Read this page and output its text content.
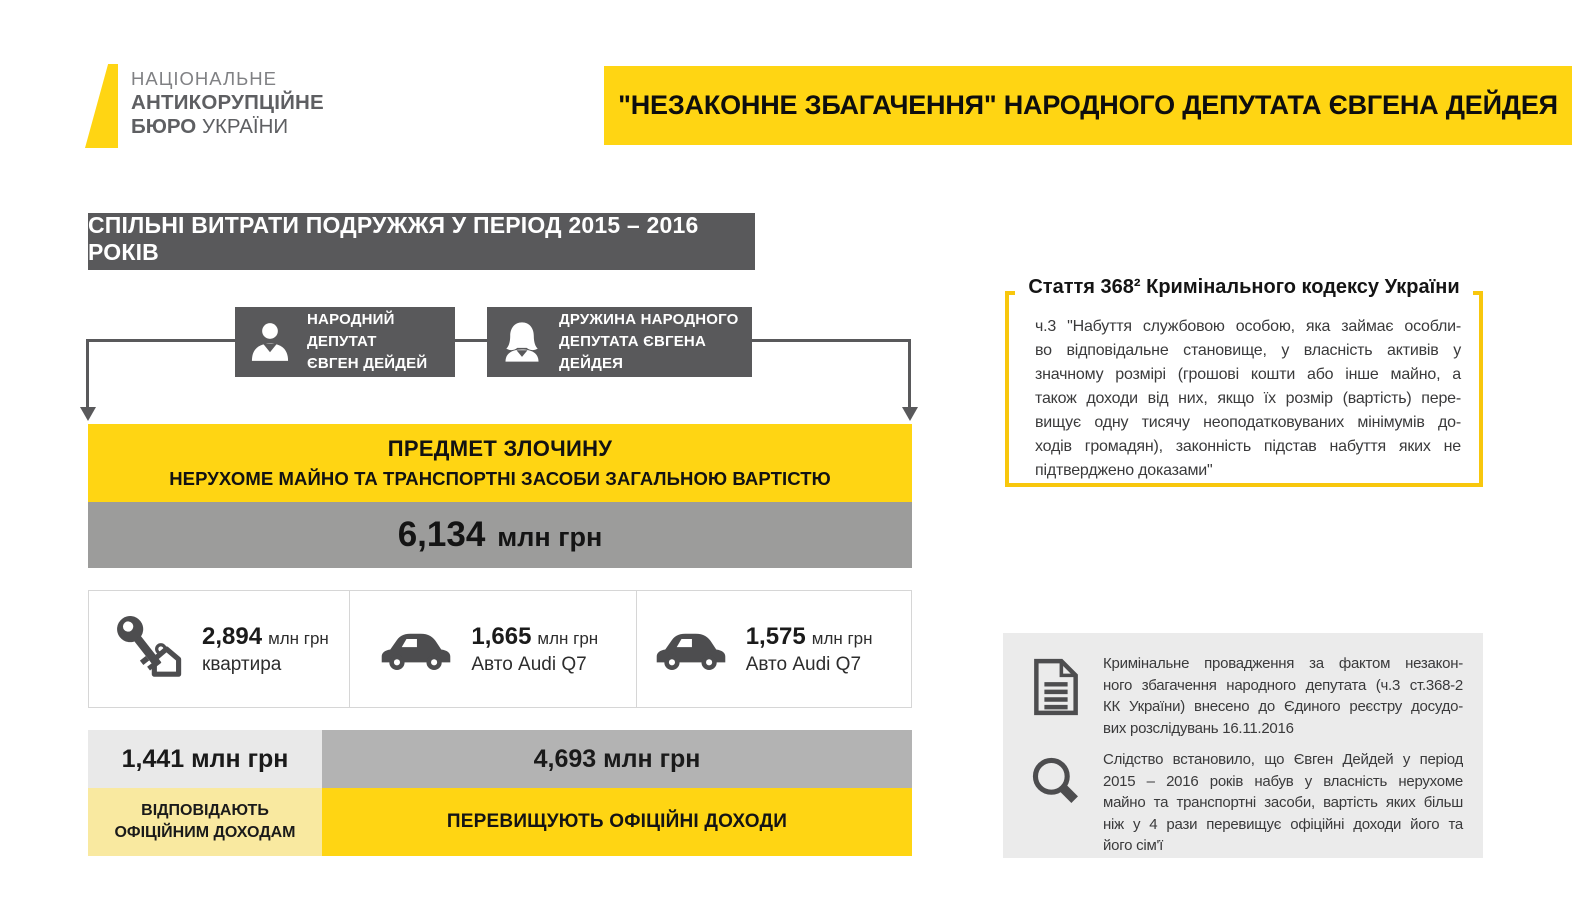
НАЦІОНАЛЬНЕ
АНТИКОРУПЦІЙНЕ
БЮРО УКРАЇНИ
"НЕЗАКОННЕ ЗБАГАЧЕННЯ" НАРОДНОГО ДЕПУТАТА ЄВГЕНА ДЕЙДЕЯ
СПІЛЬНІ ВИТРАТИ ПОДРУЖЖЯ У ПЕРІОД 2015 – 2016 РОКІВ
НАРОДНИЙ ДЕПУТАТ
ЄВГЕН ДЕЙДЕЙ
ДРУЖИНА НАРОДНОГО
ДЕПУТАТА ЄВГЕНА ДЕЙДЕЯ
ПРЕДМЕТ ЗЛОЧИНУ
НЕРУХОМЕ МАЙНО ТА ТРАНСПОРТНІ ЗАСОБИ ЗАГАЛЬНОЮ ВАРТІСТЮ
6,134 млн грн
2,894 млн грн
квартира
1,665 млн грн
Авто Audi Q7
1,575 млн грн
Авто Audi Q7
1,441 млн грн	4,693 млн грн
ВІДПОВІДАЮТЬ
ОФІЦІЙНИМ ДОХОДАМ
ПЕРЕВИЩУЮТЬ ОФІЦІЙНІ ДОХОДИ
ч.3 "Набуття службовою особою, яка займає особли-
во відповідальне становище, у власність активів у
значному розмірі (грошові кошти або інше майно, а
також доходи від них, якщо їх розмір (вартість) пере-
вищує одну тисячу неоподатковуваних мінімумів до-
ходів громадян), законність підстав набуття яких не
підтверджено доказами"
Стаття 368² Кримінального кодексу України
Кримінальне провадження за фактом незакон-
ного збагачення народного депутата (ч.3 ст.368-2
КК України) внесено до Єдиного реєстру досудо-
вих розслідувань 16.11.2016
Слідство встановило, що Євген Дейдей у період
2015 – 2016 років набув у власність нерухоме
майно та транспортні засоби, вартість яких більш
ніж у 4 рази перевищує офіційні доходи його та
його сім'ї
